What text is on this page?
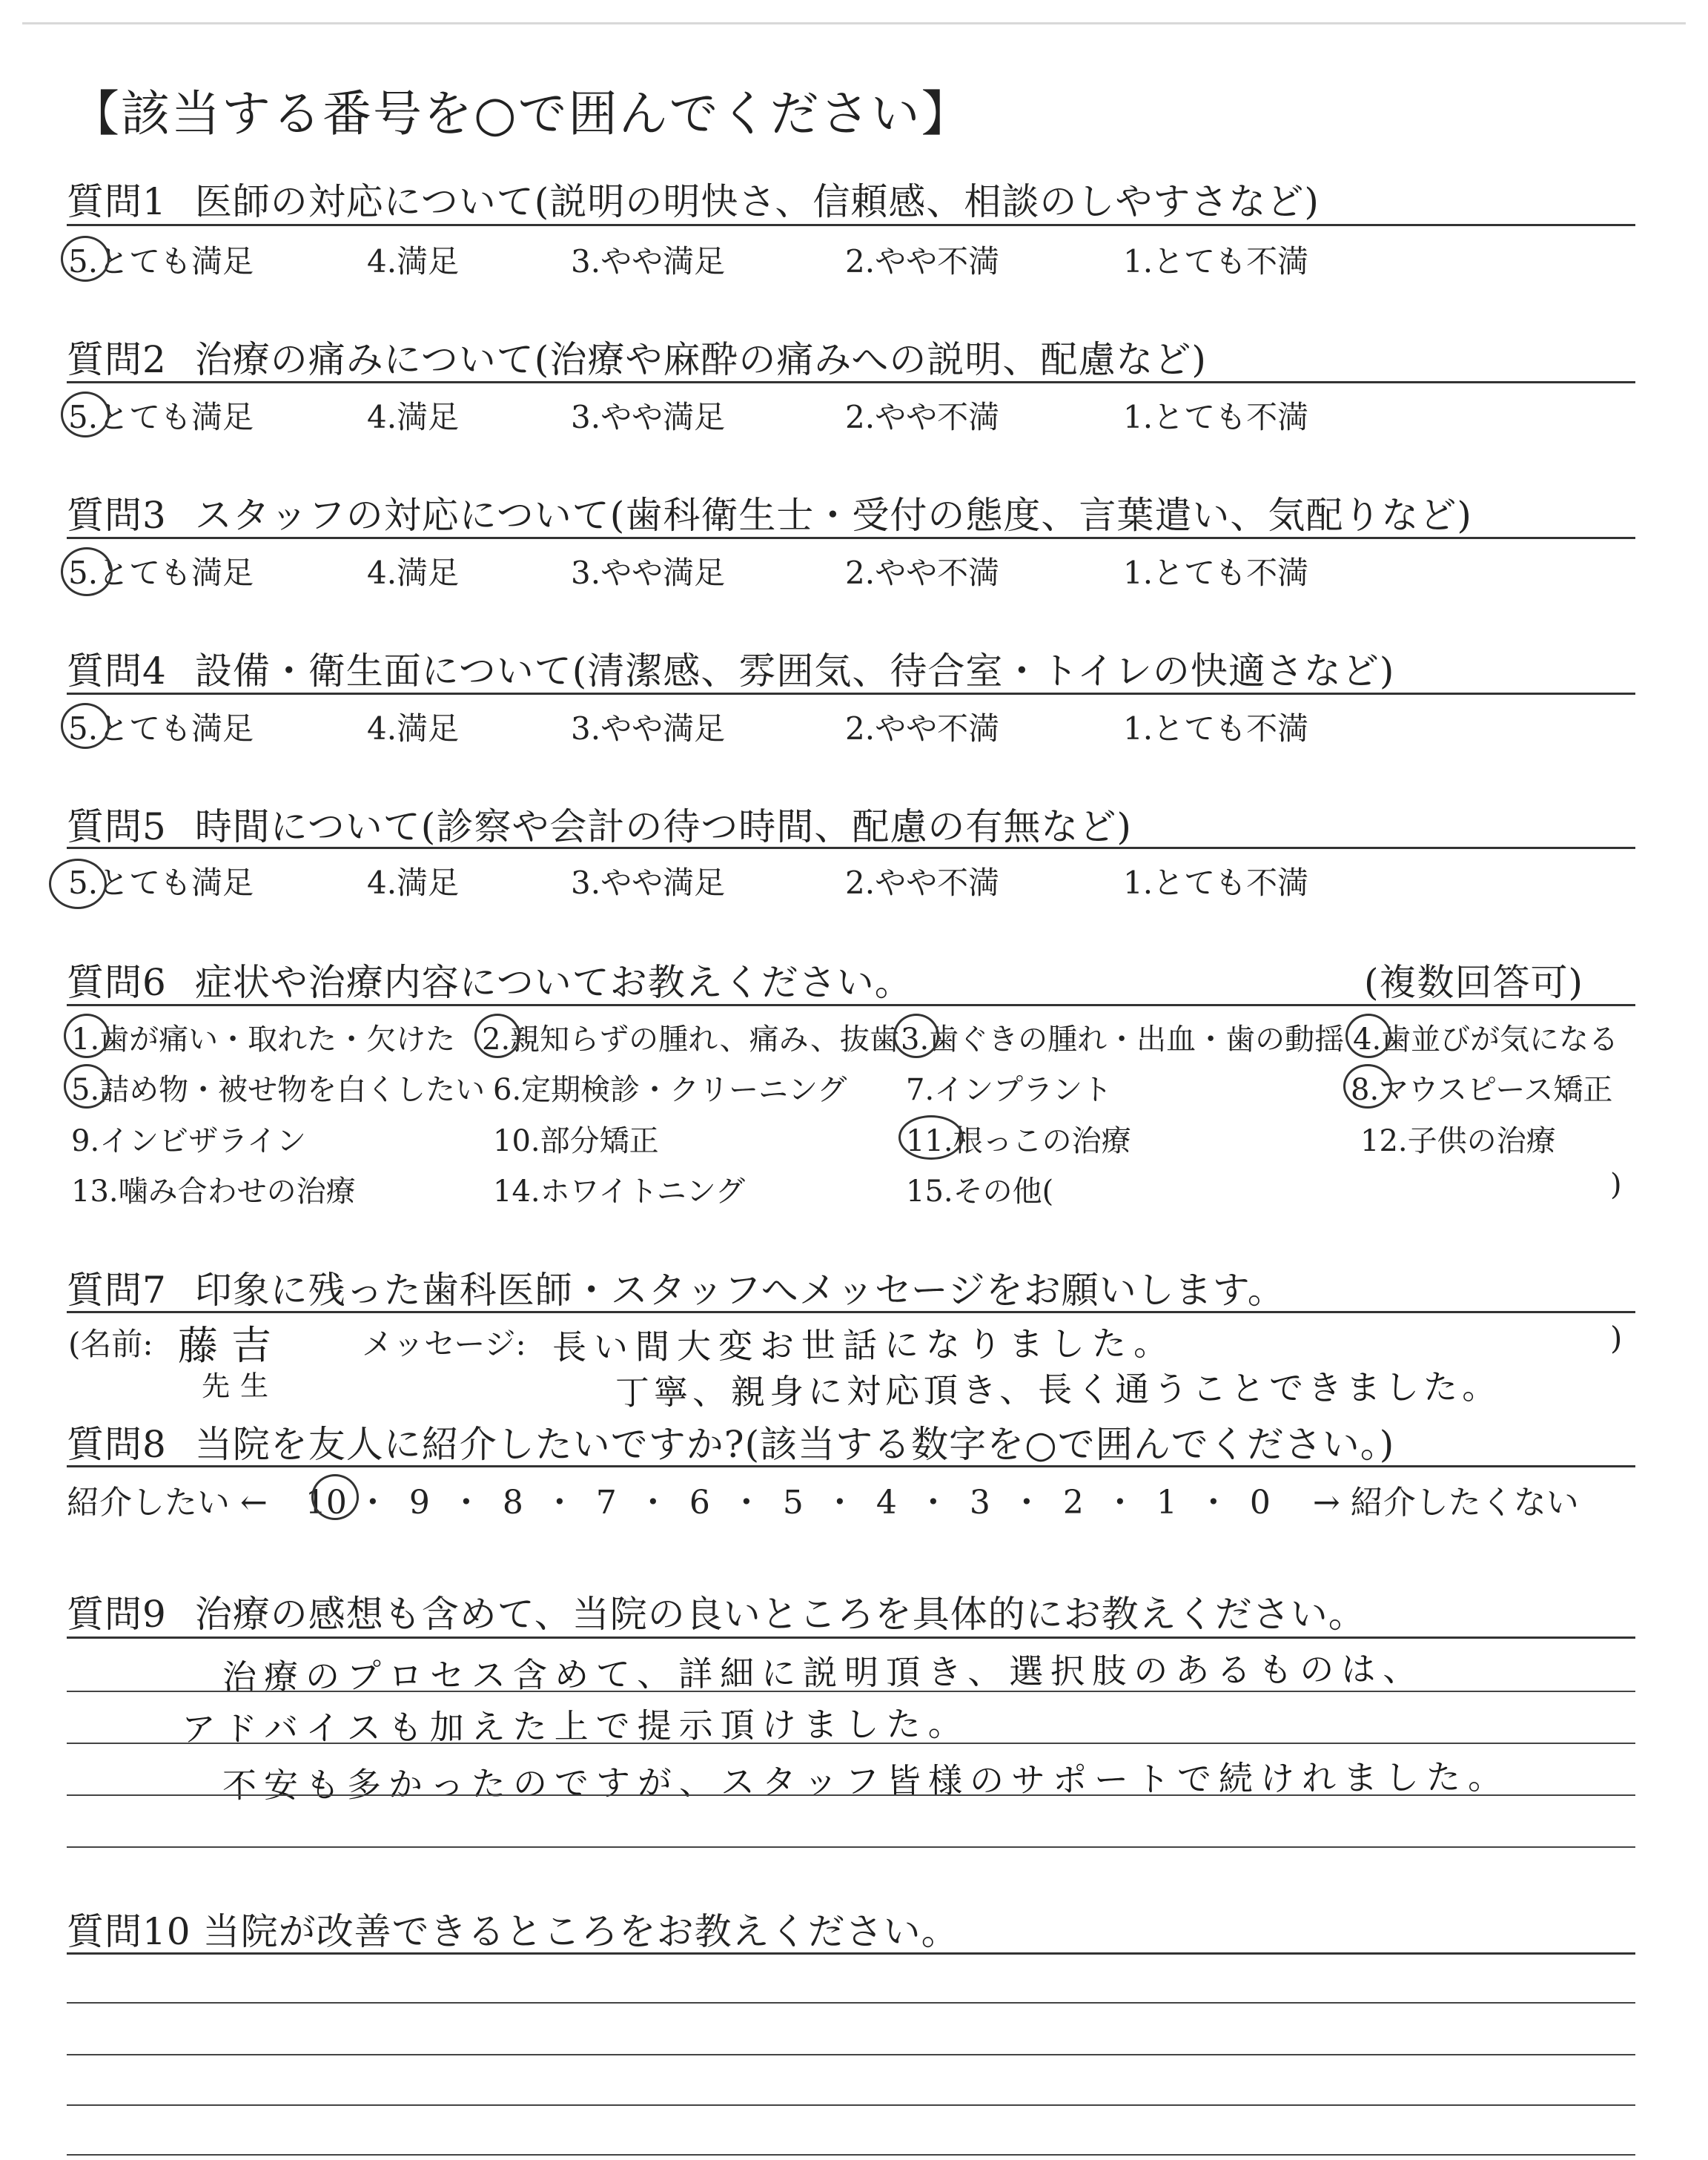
【該当する番号を○で囲んでください】
質問1 医師の対応について(説明の明快さ、信頼感、相談のしやすさなど)
5.とても満足	4.満足	3.やや満足	2.やや不満	1.とても不満
質問2 治療の痛みについて(治療や麻酔の痛みへの説明、配慮など)
5.とても満足	4.満足	3.やや満足	2.やや不満	1.とても不満
質問3 スタッフの対応について(歯科衛生士・受付の態度、言葉遣い、気配りなど)
5.とても満足	4.満足	3.やや満足	2.やや不満	1.とても不満
質問4 設備・衛生面について(清潔感、雰囲気、待合室・トイレの快適さなど)
5.とても満足	4.満足	3.やや満足	2.やや不満	1.とても不満
質問5 時間について(診察や会計の待つ時間、配慮の有無など)
5.とても満足	4.満足	3.やや満足	2.やや不満	1.とても不満
質問6 症状や治療内容についてお教えください。	(複数回答可)
1.歯が痛い・取れた・欠けた 2.親知らずの腫れ、痛み、抜歯 3.歯ぐきの腫れ・出血・歯の動揺 4.歯並びが気になる
5.詰め物・被せ物を白くしたい 6.定期検診・クリーニング 7.インプラント	8.マウスピース矯正
9.インビザライン	10.部分矯正	11.根っこの治療	12.子供の治療
13.噛み合わせの治療	14.ホワイトニング	15.その他(	)
質問7 印象に残った歯科医師・スタッフへメッセージをお願いします。
(名前: 藤吉
先生
メッセージ: 長い間大変お世話になりました。
丁寧、親身に対応頂き、長く通うことできました。
)
質問8 当院を友人に紹介したいですか?(該当する数字を○で囲んでください。)
紹介したい ← 10 ・ 9 ・ 8 ・ 7 ・ 6 ・ 5 ・ 4 ・ 3 ・ 2 ・ 1 ・ 0 → 紹介したくない
質問9 治療の感想も含めて、当院の良いところを具体的にお教えください。
治療のプロセス含めて、詳細に説明頂き、選択肢のあるものは、
アドバイスも加えた上で提示頂けました。
不安も多かったのですが、スタッフ皆様のサポートで続けれました。
質問10 当院が改善できるところをお教えください。
